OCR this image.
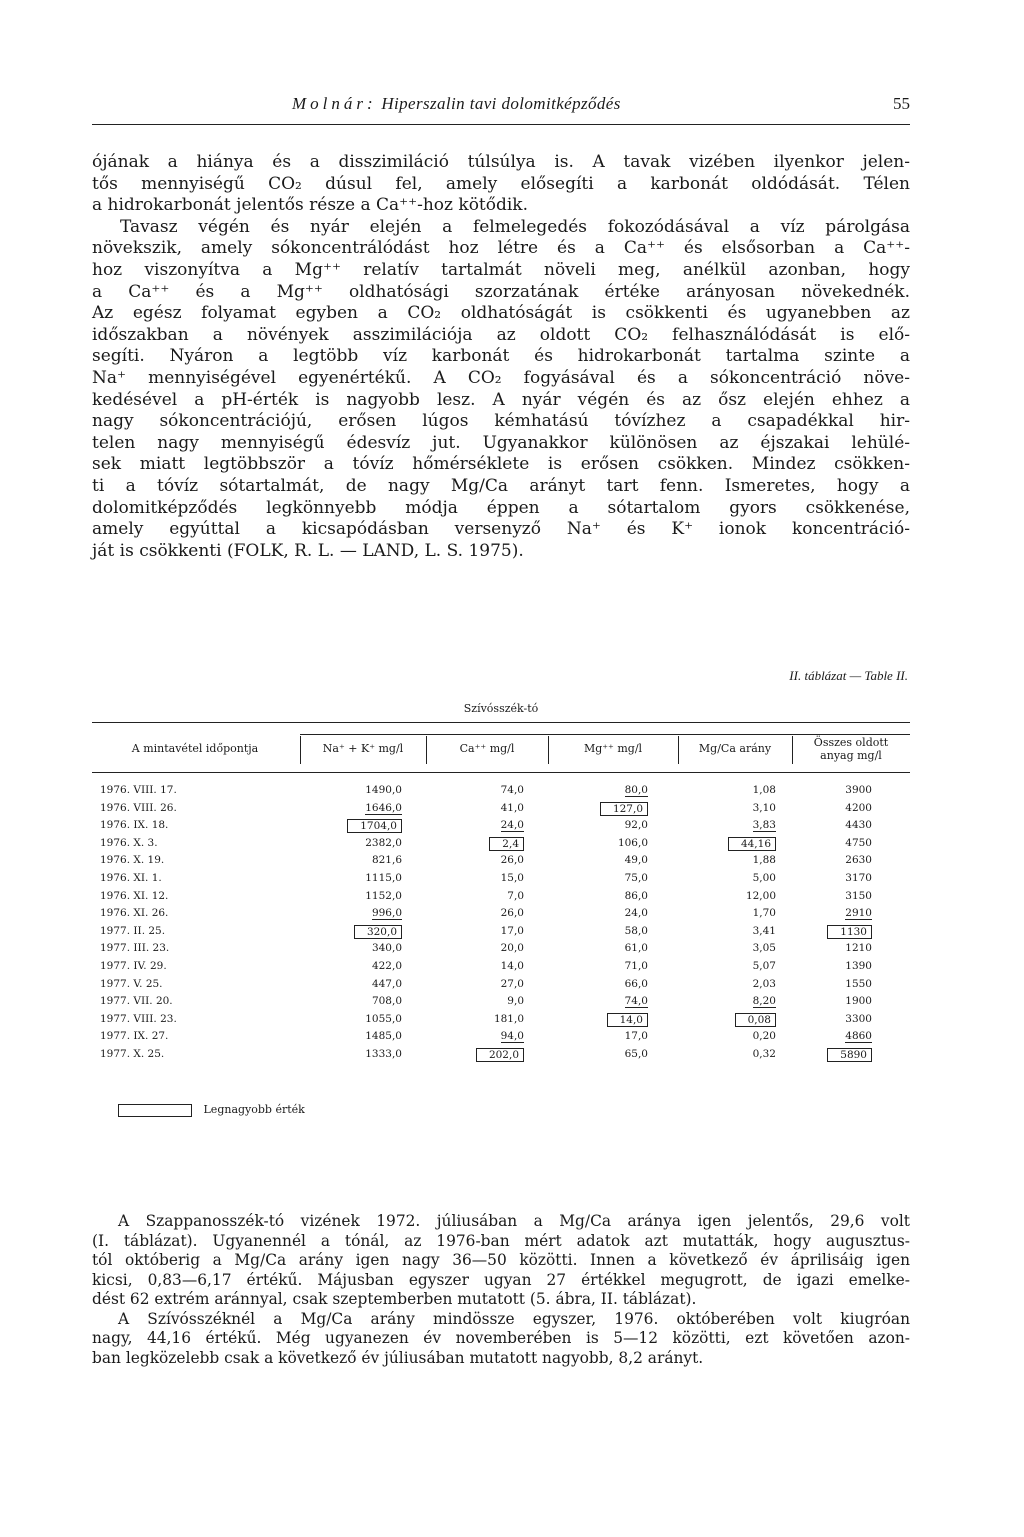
Molnár: Hiperszalin tavi dolomitképződés	55
ójának a hiánya és a disszimiláció túlsúlya is. A tavak vizében ilyenkor jelen-
tős mennyiségű CO₂ dúsul fel, amely elősegíti a karbonát oldódását. Télen
a hidrokarbonát jelentős része a Ca⁺⁺-hoz kötődik.
Tavasz végén és nyár elején a felmelegedés fokozódásával a víz párolgása
növekszik, amely sókoncentrálódást hoz létre és a Ca⁺⁺ és elsősorban a Ca⁺⁺-
hoz viszonyítva a Mg⁺⁺ relatív tartalmát növeli meg, anélkül azonban, hogy
a Ca⁺⁺ és a Mg⁺⁺ oldhatósági szorzatának értéke arányosan növekednék.
Az egész folyamat egyben a CO₂ oldhatóságát is csökkenti és ugyanebben az
időszakban a növények asszimilációja az oldott CO₂ felhasználódását is elő-
segíti. Nyáron a legtöbb víz karbonát és hidrokarbonát tartalma szinte a
Na⁺ mennyiségével egyenértékű. A CO₂ fogyásával és a sókoncentráció növe-
kedésével a pH-érték is nagyobb lesz. A nyár végén és az ősz elején ehhez a
nagy sókoncentrációjú, erősen lúgos kémhatású tóvízhez a csapadékkal hir-
telen nagy mennyiségű édesvíz jut. Ugyanakkor különösen az éjszakai lehülé-
sek miatt legtöbbször a tóvíz hőmérséklete is erősen csökken. Mindez csökken-
ti a tóvíz sótartalmát, de nagy Mg/Ca arányt tart fenn. Ismeretes, hogy a
dolomitképződés legkönnyebb módja éppen a sótartalom gyors csökkenése,
amely egyúttal a kicsapódásban versenyző Na⁺ és K⁺ ionok koncentráció-
ját is csökkenti (FOLK, R. L. — LAND, L. S. 1975).
II. táblázat — Table II.
Szívósszék-tó
A mintavétel időpontja	Na⁺ + K⁺ mg/l	Ca⁺⁺ mg/l	Mg⁺⁺ mg/l	Mg/Ca arány	Összes oldott anyag mg/l
1976. VIII. 17.	1490,0	74,0	80,0	1,08	3900
1976. VIII. 26.	1646,0	41,0	127,0	3,10	4200
1976. IX. 18.	1704,0	24,0	92,0	3,83	4430
1976. X. 3.	2382,0	2,4	106,0	44,16	4750
1976. X. 19.	821,6	26,0	49,0	1,88	2630
1976. XI. 1.	1115,0	15,0	75,0	5,00	3170
1976. XI. 12.	1152,0	7,0	86,0	12,00	3150
1976. XI. 26.	996,0	26,0	24,0	1,70	2910
1977. II. 25.	320,0	17,0	58,0	3,41	1130
1977. III. 23.	340,0	20,0	61,0	3,05	1210
1977. IV. 29.	422,0	14,0	71,0	5,07	1390
1977. V. 25.	447,0	27,0	66,0	2,03	1550
1977. VII. 20.	708,0	9,0	74,0	8,20	1900
1977. VIII. 23.	1055,0	181,0	14,0	0,08	3300
1977. IX. 27.	1485,0	94,0	17,0	0,20	4860
1977. X. 25.	1333,0	202,0	65,0	0,32	5890
Legnagyobb érték
A Szappanosszék-tó vizének 1972. júliusában a Mg/Ca aránya igen jelentős, 29,6 volt
(I. táblázat). Ugyanennél a tónál, az 1976-ban mért adatok azt mutatták, hogy augusztus-
tól októberig a Mg/Ca arány igen nagy 36—50 közötti. Innen a következő év áprilisáig igen
kicsi, 0,83—6,17 értékű. Májusban egyszer ugyan 27 értékkel megugrott, de igazi emelke-
dést 62 extrém aránnyal, csak szeptemberben mutatott (5. ábra, II. táblázat).
A Szívósszéknél a Mg/Ca arány mindössze egyszer, 1976. októberében volt kiugróan
nagy, 44,16 értékű. Még ugyanezen év novemberében is 5—12 közötti, ezt követően azon-
ban legközelebb csak a következő év júliusában mutatott nagyobb, 8,2 arányt.
